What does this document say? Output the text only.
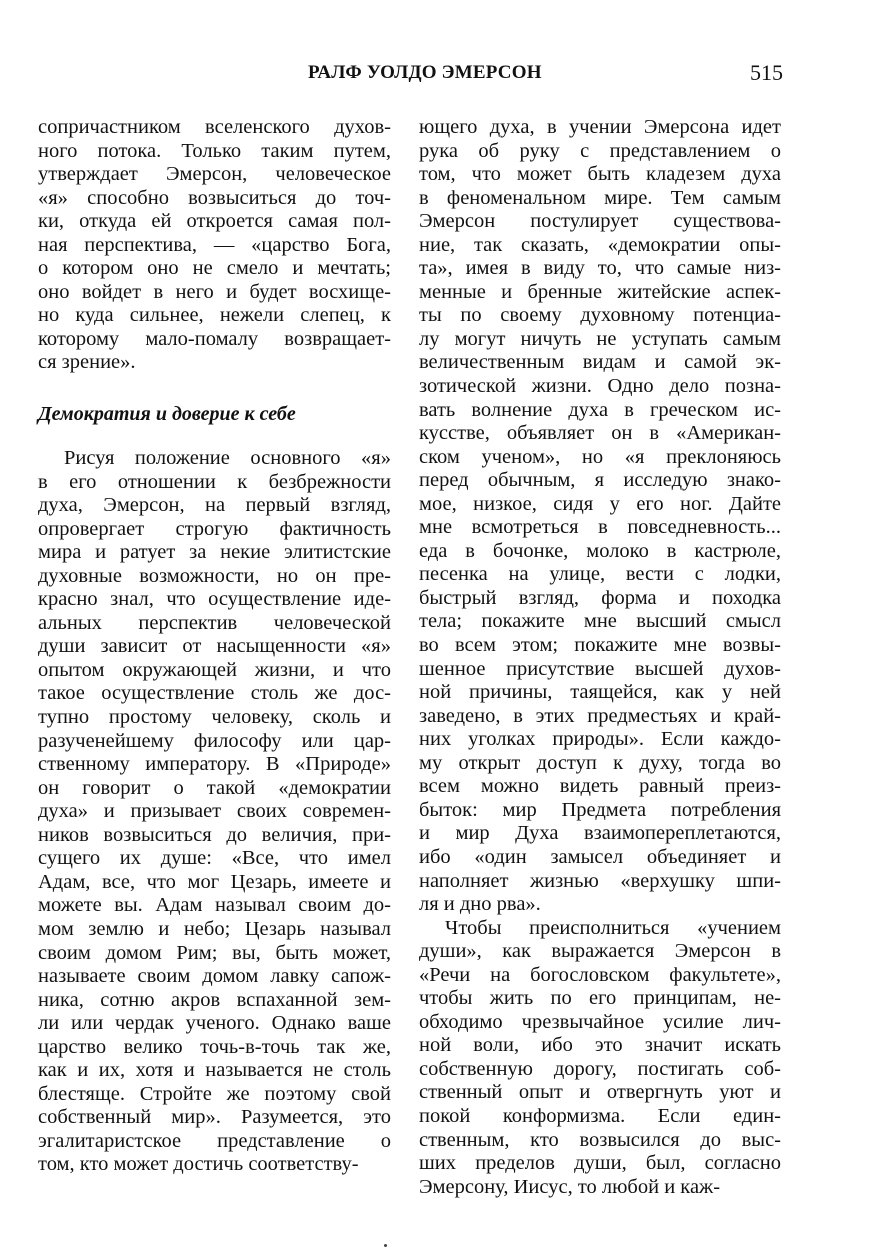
РАЛФ УОЛДО ЭМЕРСОН	515
сопричастником вселенского духов-
ного потока. Только таким путем,
утверждает Эмерсон, человеческое
«я» способно возвыситься до точ-
ки, откуда ей откроется самая пол-
ная перспектива, — «царство Бога,
о котором оно не смело и мечтать;
оно войдет в него и будет восхище-
но куда сильнее, нежели слепец, к
которому мало-помалу возвращает-
ся зрение».
Демократия и доверие к себе
Рисуя положение основного «я»
в его отношении к безбрежности
духа, Эмерсон, на первый взгляд,
опровергает строгую фактичность
мира и ратует за некие элитистские
духовные возможности, но он пре-
красно знал, что осуществление иде-
альных перспектив человеческой
души зависит от насыщенности «я»
опытом окружающей жизни, и что
такое осуществление столь же дос-
тупно простому человеку, сколь и
разученейшему философу или цар-
ственному императору. В «Природе»
он говорит о такой «демократии
духа» и призывает своих современ-
ников возвыситься до величия, при-
сущего их душе: «Все, что имел
Адам, все, что мог Цезарь, имеете и
можете вы. Адам называл своим до-
мом землю и небо; Цезарь называл
своим домом Рим; вы, быть может,
называете своим домом лавку сапож-
ника, сотню акров вспаханной зем-
ли или чердак ученого. Однако ваше
царство велико точь-в-точь так же,
как и их, хотя и называется не столь
блестяще. Стройте же поэтому свой
собственный мир». Разумеется, это
эгалитаристское представление о
том, кто может достичь соответству-
ющего духа, в учении Эмерсона идет
рука об руку с представлением о
том, что может быть кладезем духа
в феноменальном мире. Тем самым
Эмерсон постулирует существова-
ние, так сказать, «демократии опы-
та», имея в виду то, что самые низ-
менные и бренные житейские аспек-
ты по своему духовному потенциа-
лу могут ничуть не уступать самым
величественным видам и самой эк-
зотической жизни. Одно дело позна-
вать волнение духа в греческом ис-
кусстве, объявляет он в «Американ-
ском ученом», но «я преклоняюсь
перед обычным, я исследую знако-
мое, низкое, сидя у его ног. Дайте
мне всмотреться в повседневность...
еда в бочонке, молоко в кастрюле,
песенка на улице, вести с лодки,
быстрый взгляд, форма и походка
тела; покажите мне высший смысл
во всем этом; покажите мне возвы-
шенное присутствие высшей духов-
ной причины, таящейся, как у ней
заведено, в этих предместьях и край-
них уголках природы». Если каждо-
му открыт доступ к духу, тогда во
всем можно видеть равный преиз-
быток: мир Предмета потребления
и мир Духа взаимопереплетаются,
ибо «один замысел объединяет и
наполняет жизнью «верхушку шпи-
ля и дно рва».
Чтобы преисполниться «учением
души», как выражается Эмерсон в
«Речи на богословском факультете»,
чтобы жить по его принципам, не-
обходимо чрезвычайное усилие лич-
ной воли, ибо это значит искать
собственную дорогу, постигать соб-
ственный опыт и отвергнуть уют и
покой конформизма. Если един-
ственным, кто возвысился до выс-
ших пределов души, был, согласно
Эмерсону, Иисус, то любой и каж-
